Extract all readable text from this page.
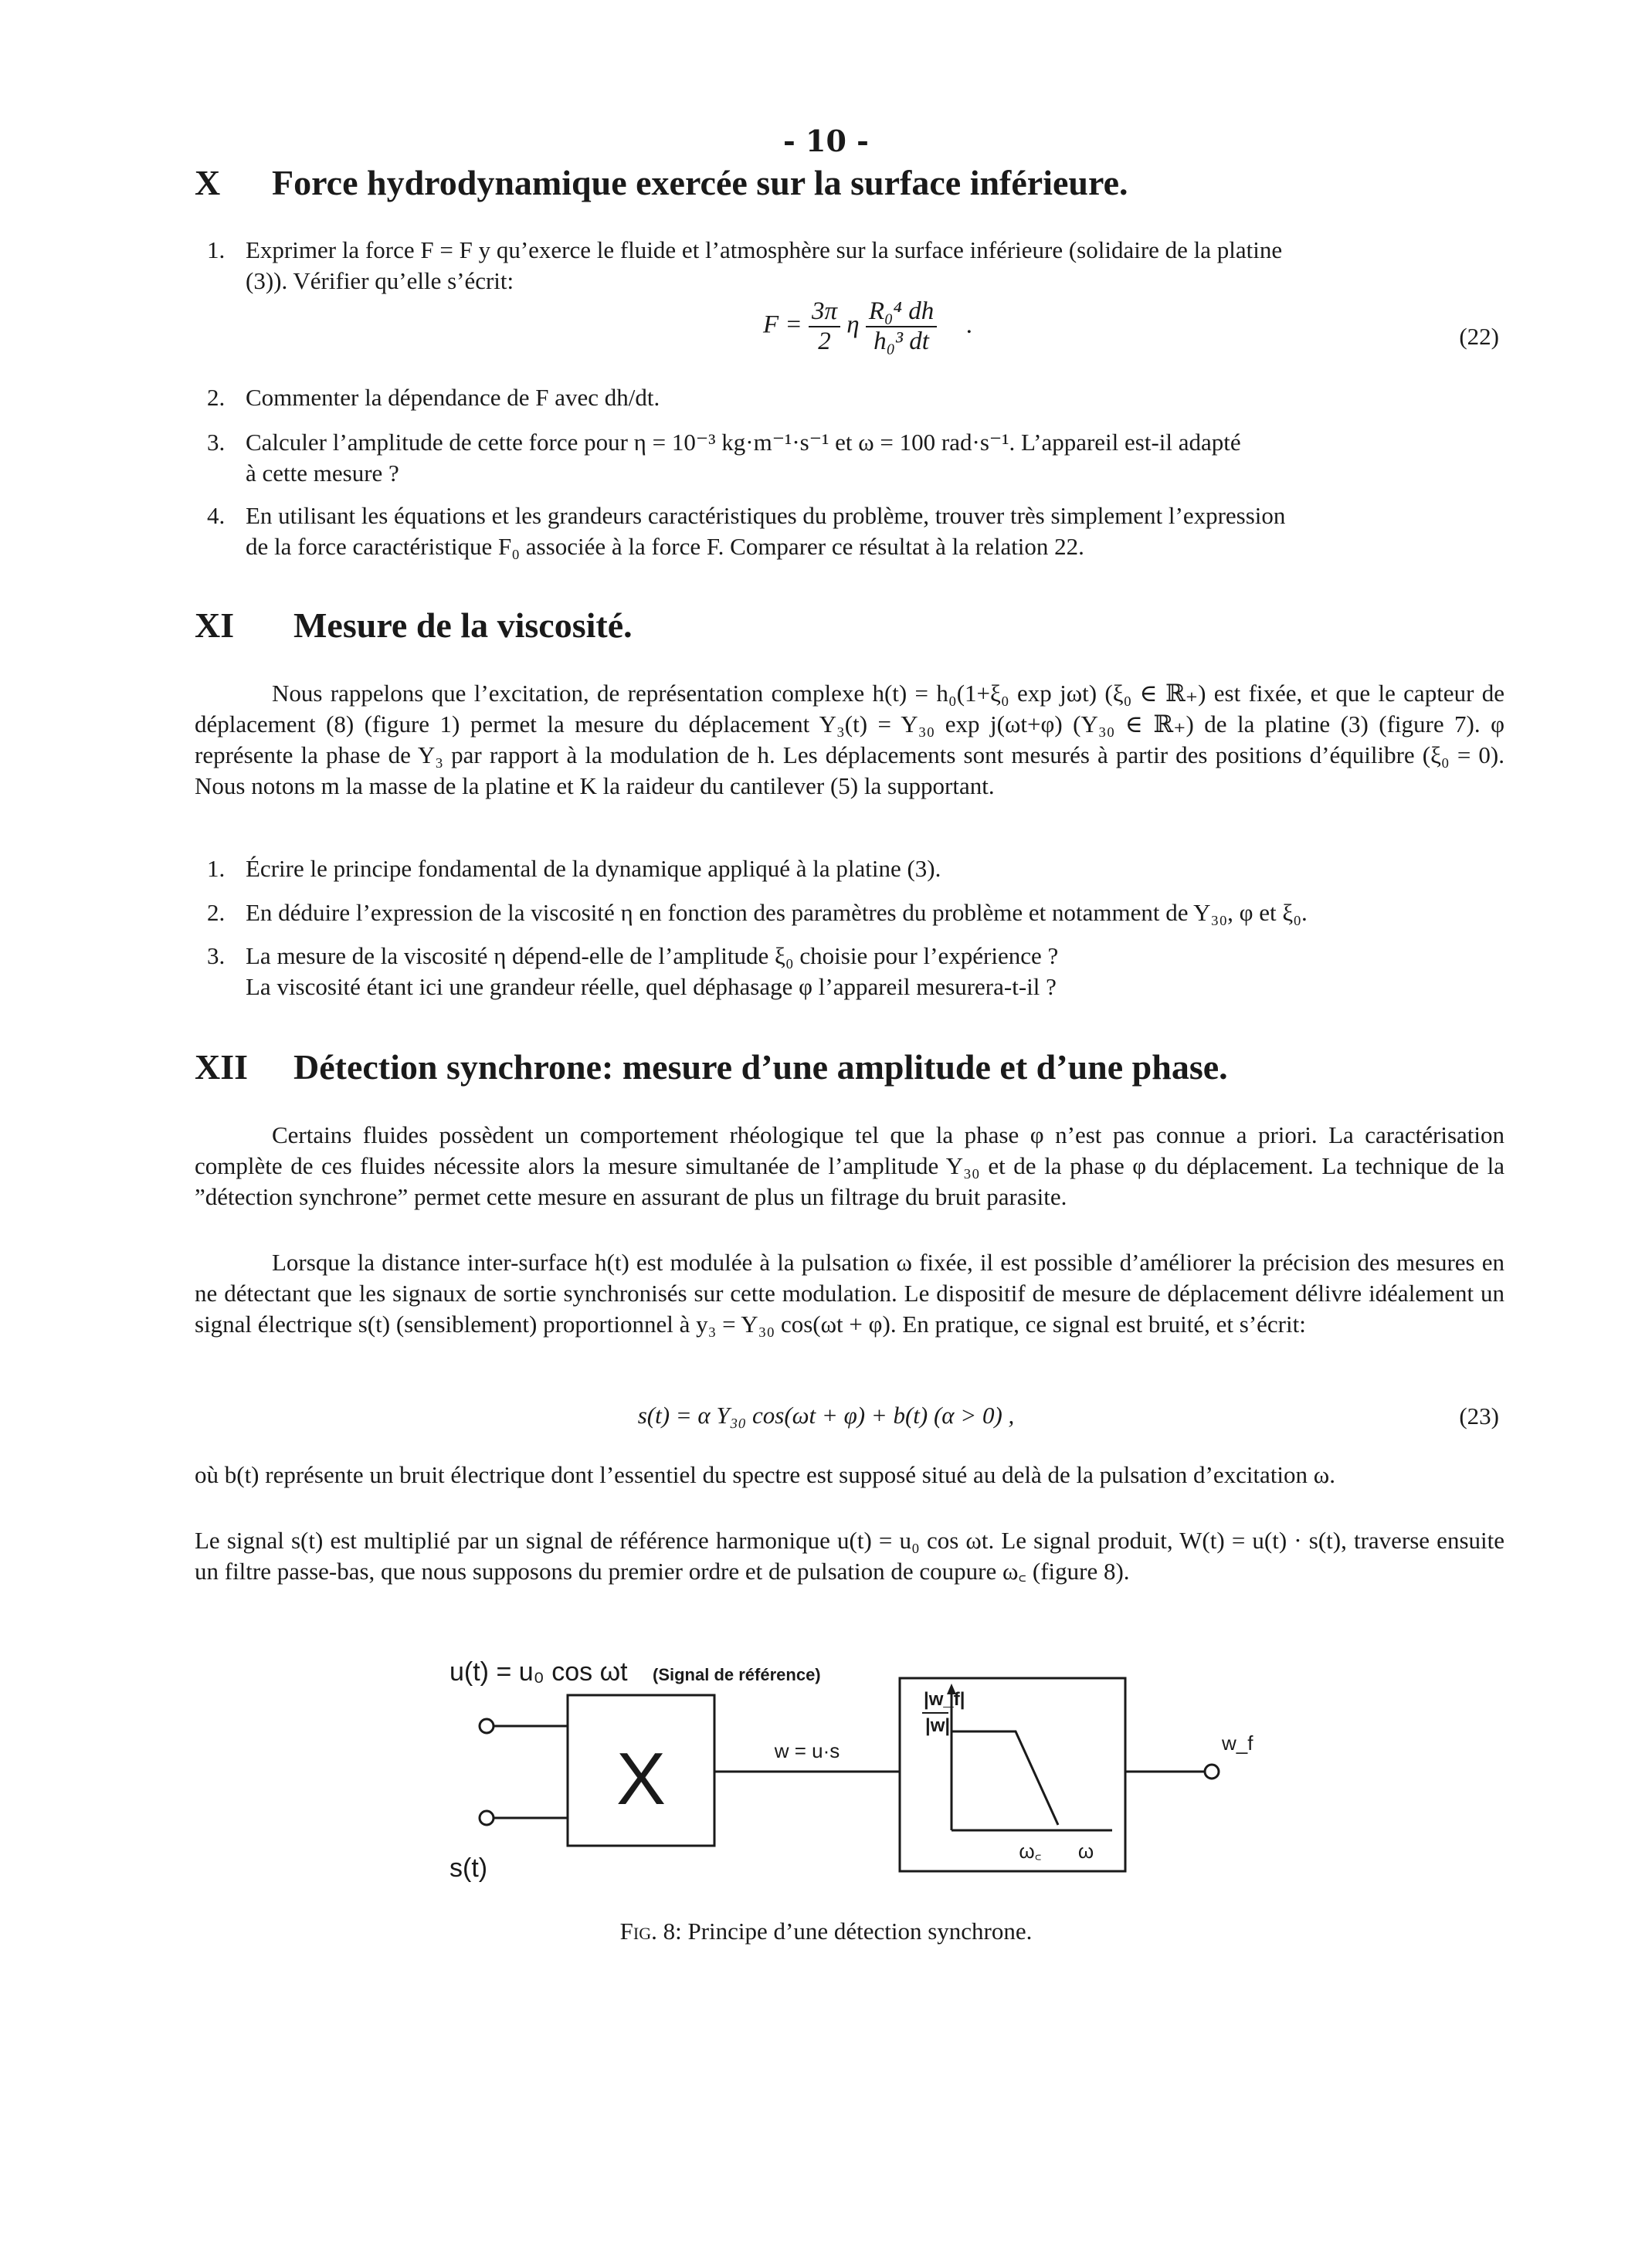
- 10 -
X Force hydrodynamique exercée sur la surface inférieure.
1. Exprimer la force F = F y qu’exerce le fluide et l’atmosphère sur la surface inférieure (solidaire de la platine
(3)). Vérifier qu’elle s’écrit:
$F = \frac{3\pi}{2}$ η $\frac{\text{R₀⁴ dh}}{\text{h₀³ dt}}$ .	(22)
2. Commenter la dépendance de F avec dh/dt.
3. Calculer l’amplitude de cette force pour η = 10⁻³ kg·m⁻¹·s⁻¹ et ω = 100 rad·s⁻¹. L’appareil est-il adapté
à cette mesure ?
4. En utilisant les équations et les grandeurs caractéristiques du problème, trouver très simplement l’expression
de la force caractéristique F₀ associée à la force F. Comparer ce résultat à la relation 22.
XI Mesure de la viscosité.

Nous rappelons que l’excitation, de représentation complexe h(t) = h₀(1+ξ₀ exp jωt) (ξ₀ ∈ ℝ₊) est fixée, et que le capteur de déplacement (8) (figure 1) permet la mesure du déplacement Y₃(t) = Y₃₀ exp j(ωt+φ) (Y₃₀ ∈ ℝ₊) de la platine (3) (figure 7). φ représente la phase de Y₃ par rapport à la modulation de h. Les déplacements sont mesurés à partir des positions d’équilibre (ξ₀ = 0). Nous notons m la masse de la platine et K la raideur du cantilever (5) la supportant.

1. Écrire le principe fondamental de la dynamique appliqué à la platine (3).
2. En déduire l’expression de la viscosité η en fonction des paramètres du problème et notamment de Y₃₀, φ et ξ₀.
3. La mesure de la viscosité η dépend-elle de l’amplitude ξ₀ choisie pour l’expérience ?
La viscosité étant ici une grandeur réelle, quel déphasage φ l’appareil mesurera-t-il ?
XII Détection synchrone: mesure d’une amplitude et d’une phase.

Certains fluides possèdent un comportement rhéologique tel que la phase φ n’est pas connue a priori. La caractérisation complète de ces fluides nécessite alors la mesure simultanée de l’amplitude Y₃₀ et de la phase φ du déplacement. La technique de la ”détection synchrone” permet cette mesure en assurant de plus un filtrage du bruit parasite.

Lorsque la distance inter-surface h(t) est modulée à la pulsation ω fixée, il est possible d’améliorer la précision des mesures en ne détectant que les signaux de sortie synchronisés sur cette modulation. Le dispositif de mesure de déplacement délivre idéalement un signal électrique s(t) (sensiblement) proportionnel à y₃ = Y₃₀ cos(ωt + φ). En pratique, ce signal est bruité, et s’écrit:

s(t) = α Y₃₀ cos(ωt + φ) + b(t) (α > 0) ,	(23)

où b(t) représente un bruit électrique dont l’essentiel du spectre est supposé situé au delà de la pulsation d’excitation ω.

Le signal s(t) est multiplié par un signal de référence harmonique u(t) = u₀ cos ωt. Le signal produit, W(t) = u(t) · s(t), traverse ensuite un filtre passe-bas, que nous supposons du premier ordre et de pulsation de coupure ω꜀ (figure 8).

u(t) = u₀ cos ωt (Signal de référence)
s(t)
X	w = u·s
|w_f|
|w|
ω꜀ ω
w_f
Fig. 8: Principe d’une détection synchrone.
